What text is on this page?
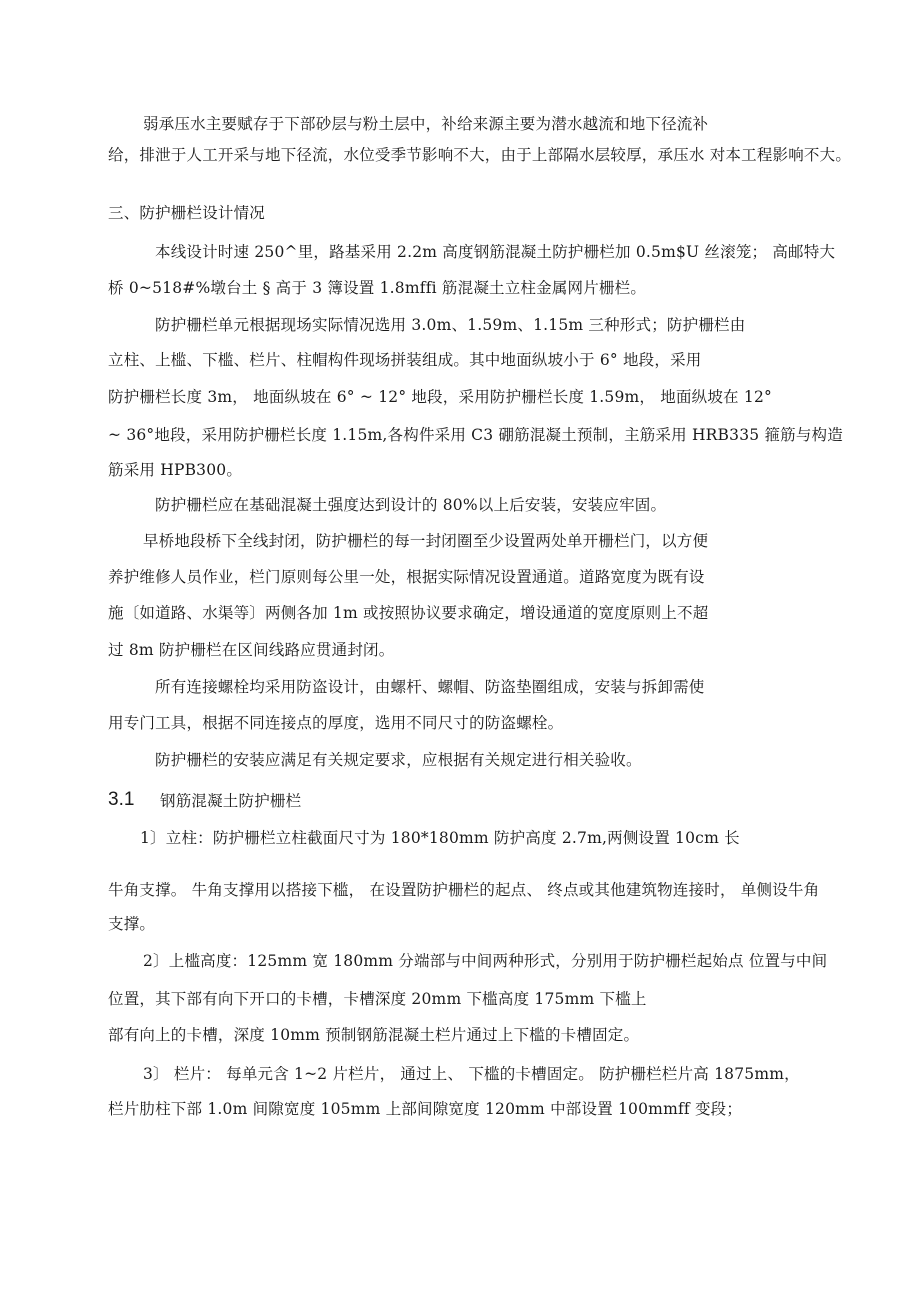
弱承压水主要赋存于下部砂层与粉土层中，补给来源主要为潜水越流和地下径流补
给，排泄于人工开采与地下径流，水位受季节影响不大，由于上部隔水层较厚，承压水 对本工程影响不大。
三、防护栅栏设计情况
本线设计时速 250^里，路基采用 2.2m 高度钢筋混凝土防护栅栏加 0.5m$U 丝滚笼； 高邮特大
桥 0~518#%墩台土 § 高于 3 簿设置 1.8mffi 筋混凝土立柱金属网片栅栏。
防护栅栏单元根据现场实际情况选用 3.0m、1.59m、1.15m 三种形式；防护栅栏由
立柱、上槛、下槛、栏片、柱帽构件现场拼装组成。其中地面纵坡小于 6° 地段，采用
防护栅栏长度 3m， 地面纵坡在 6° ~ 12° 地段，采用防护栅栏长度 1.59m， 地面纵坡在 12°
~ 36°地段，采用防护栅栏长度 1.15m,各构件采用 C3 硼筋混凝土预制，主筋采用 HRB335 箍筋与构造
筋采用 HPB300。
防护栅栏应在基础混凝土强度达到设计的 80%以上后安装，安装应牢固。
早桥地段桥下全线封闭，防护栅栏的每一封闭圈至少设置两处单开栅栏门，以方便
养护维修人员作业，栏门原则每公里一处，根据实际情况设置通道。道路宽度为既有设
施〔如道路、水渠等〕两侧各加 1m 或按照协议要求确定，增设通道的宽度原则上不超
过 8m 防护栅栏在区间线路应贯通封闭。
所有连接螺栓均采用防盗设计，由螺杆、螺帽、防盗垫圈组成，安装与拆卸需使
用专门工具，根据不同连接点的厚度，选用不同尺寸的防盗螺栓。
防护栅栏的安装应满足有关规定要求，应根据有关规定进行相关验收。
3.1 钢筋混凝土防护栅栏
1〕立柱：防护栅栏立柱截面尺寸为 180*180mm 防护高度 2.7m,两侧设置 10cm 长
牛角支撑。 牛角支撑用以搭接下槛， 在设置防护栅栏的起点、 终点或其他建筑物连接时， 单侧设牛角
支撑。
2〕上槛高度：125mm 宽 180mm 分端部与中间两种形式，分别用于防护栅栏起始点 位置与中间
位置，其下部有向下开口的卡槽，卡槽深度 20mm 下槛高度 175mm 下槛上
部有向上的卡槽，深度 10mm 预制钢筋混凝土栏片通过上下槛的卡槽固定。
3〕 栏片： 每单元含 1~2 片栏片， 通过上、 下槛的卡槽固定。 防护栅栏栏片高 1875mm，
栏片肋柱下部 1.0m 间隙宽度 105mm 上部间隙宽度 120mm 中部设置 100mmff 变段；
